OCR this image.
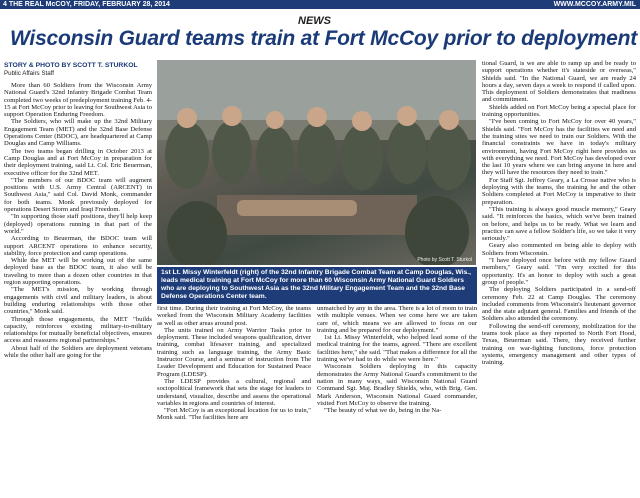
4 THE REAL McCOY, FRIDAY, FEBRUARY 28, 2014	WWW.MCCOY.ARMY.MIL
NEWS
Wisconsin Guard teams train at Fort McCoy prior to deployment
STORY & PHOTO BY SCOTT T. STURKOL
Public Affairs Staff

More than 60 Soldiers from the Wisconsin Army National Guard's 32nd Infantry Brigade Combat Team completed two weeks of predeployment training Feb. 4-15 at Fort McCoy prior to leaving for Southwest Asia to support Operation Enduring Freedom.

The Soldiers, who will make up the 32nd Military Engagement Team (MET) and the 32nd Base Defense Operations Center (BDOC), are headquartered at Camp Douglas and Camp Williams.

The two teams began drilling in October 2013 at Camp Douglas and at Fort McCoy in preparation for their deployment training, said Lt. Col. Eric Beuerman, executive officer for the 32nd MET.

"The members of our BDOC team will augment positions with U.S. Army Central (ARCENT) in Southwest Asia," said Col. David Monk, commander for both teams. Monk previously deployed for operations Desert Storm and Iraqi Freedom.

"In supporting those staff positions, they'll help keep (deployed) operations running in that part of the world."

According to Beuerman, the BDOC team will support ARCENT operations to enhance security, stability, force protection and camp operations.

While the MET will be working out of the same deployed base as the BDOC team, it also will be traveling to more than a dozen other countries in that region supporting operations.

"The MET's mission, by working through engagements with civil and military leaders, is about building enduring relationships with those other countries," Monk said.

Through those engagements, the MET "builds capacity, reinforces existing military-to-military relationships for mutually beneficial objectives, ensures access and reassures regional partnerships."

About half of the Soldiers are deployment veterans while the other half are going for the

Photo by Scott T. Sturkol
1st Lt. Missy Winterfeldt (right) of the 32nd Infantry Brigade Combat Team at Camp Douglas, Wis., leads medical training at Fort McCoy for more than 60 Wisconsin Army National Guard Soldiers who are deploying to Southwest Asia as the 32nd Military Engagement Team and the 32nd Base Defense Operations Center team.

first time. During their training at Fort McCoy, the teams worked from the Wisconsin Military Academy facilities as well as other areas around post.

The units trained on Army Warrior Tasks prior to deployment. These included weapons qualification, driver training, combat lifesaver training, and specialized training such as language training, the Army Basic Instructor Course, and a seminar of instruction from The Leader Development and Education for Sustained Peace Program (LDESP).

The LDESP provides a cultural, regional and sociopolitical framework that sets the stage for leaders to understand, visualize, describe and assess the operational variables in regions and countries of interest.

"Fort McCoy is an exceptional location for us to train," Monk said. "The facilities here are

unmatched by any in the area. There is a lot of room to train with multiple venues. When we come here we are taken care of, which means we are allowed to focus on our training and be prepared for our deployment."

1st Lt. Missy Winterfeldt, who helped lead some of the medical training for the teams, agreed. "There are excellent facilities here," she said. "That makes a difference for all the training we've had to do while we were here."

Wisconsin Soldiers deploying in this capacity demonstrates the Army National Guard's commitment to the nation in many ways, said Wisconsin National Guard Command Sgt. Maj. Bradley Shields, who, with Brig. Gen. Mark Anderson, Wisconsin National Guard commander, visited Fort McCoy to observe the training.

"The beauty of what we do, being in the Na-

tional Guard, is we are able to ramp up and be ready to support operations whether it's stateside or overseas," Shields said. "In the National Guard, we are ready 24 hours a day, seven days a week to respond if called upon. This deployment of Soldiers demonstrates that readiness and commitment.

Shields added on Fort McCoy being a special place for training opportunities.

"I've been coming to Fort McCoy for over 40 years," Shields said. "Fort McCoy has the facilities we need and the training sites we need to train our Soldiers. With the financial constraints we have in today's military environment, having Fort McCoy right here provides us with everything we need. Fort McCoy has developed over the last 10 years where we can bring anyone in here and they will have the resources they need to train."

For Staff Sgt. Jeffrey Geary, a La Crosse native who is deploying with the teams, the training he and the other Soldiers completed at Fort McCoy is imperative to their preparation.

"This training is always good muscle memory," Geary said. "It reinforces the basics, which we've been trained on before, and helps us to be ready. What we learn and practice can save a fellow Soldier's life, so we take it very seriously."

Geary also commented on being able to deploy with Soldiers from Wisconsin.

"I have deployed once before with my fellow Guard members," Geary said. "I'm very excited for this opportunity. It's an honor to deploy with such a great group of people."

The deploying Soldiers participated in a send-off ceremony Feb. 22 at Camp Douglas. The ceremony included comments from Wisconsin's lieutenant governor and the state adjutant general. Families and friends of the Soldiers also attended the ceremony.

Following the send-off ceremony, mobilization for the teams took place as they reported to North Fort Hood, Texas, Beuerman said. There, they received further training on war-fighting functions, force protection systems, emergency management and other types of training.
